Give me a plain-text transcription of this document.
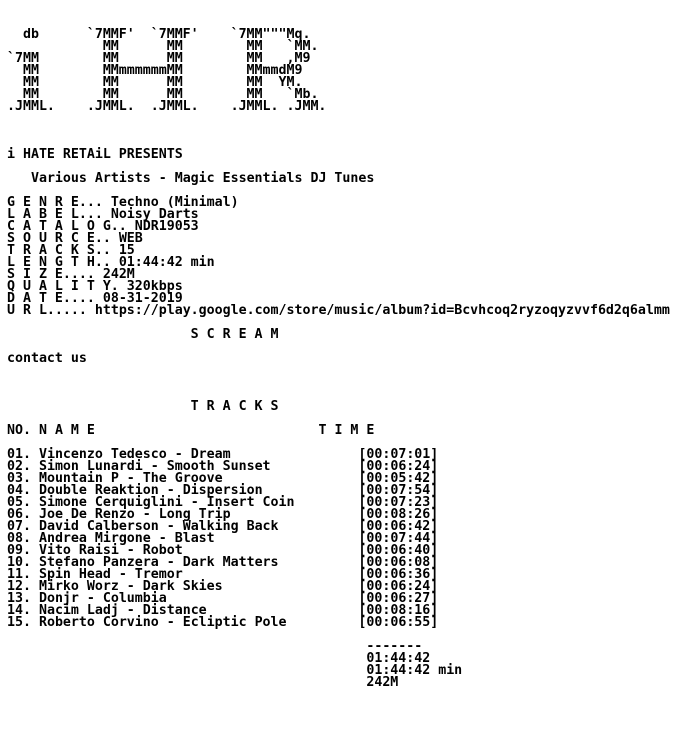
db      `7MMF'  `7MMF'    `7MM"""Mq.
MM      MM        MM   `MM.
`7MM        MM      MM        MM   ,M9
MM        MMmmmmmmMM        MMmmdM9
MM        MM      MM        MM  YM.
MM        MM      MM        MM   `Mb.
.JMML.    .JMML.  .JMML.    .JMML. .JMM.

i HATE RETAiL PRESENTS

Various Artists - Magic Essentials DJ Tunes

G E N R E... Techno (Minimal)
L A B E L... Noisy Darts
C A T A L O G.. NDR19053
S O U R C E.. WEB
T R A C K S.. 15
L E N G T H.. 01:44:42 min
S I Z E.... 242M
Q U A L I T Y. 320kbps
D A T E.... 08-31-2019
U R L..... https://play.google.com/store/music/album?id=Bcvhcoq2ryzoqyzvvf6d2q6almm

S C R E A M

contact us

T R A C K S

NO. N A M E	T I M E

01. Vincenzo Tedesco - Dream	[00:07:01]
02. Simon Lunardi - Smooth Sunset	[00:06:24]
03. Mountain P - The Groove	[00:05:42]
04. Double Reaktion - Dispersion	[00:07:54]
05. Simone Cerquiglini - Insert Coin	[00:07:23]
06. Joe De Renzo - Long Trip	[00:08:26]
07. David Calberson - Walking Back	[00:06:42]
08. Andrea Mirgone - Blast	[00:07:44]
09. Vito Raisi - Robot	[00:06:40]
10. Stefano Panzera - Dark Matters	[00:06:08]
11. Spin Head - Tremor	[00:06:36]
12. Mirko Worz - Dark Skies	[00:06:24]
13. Donjr - Columbia	[00:06:27]
14. Nacim Ladj - Distance	[00:08:16]
15. Roberto Corvino - Ecliptic Pole	[00:06:55]

-------
01:44:42
01:44:42 min
242M
